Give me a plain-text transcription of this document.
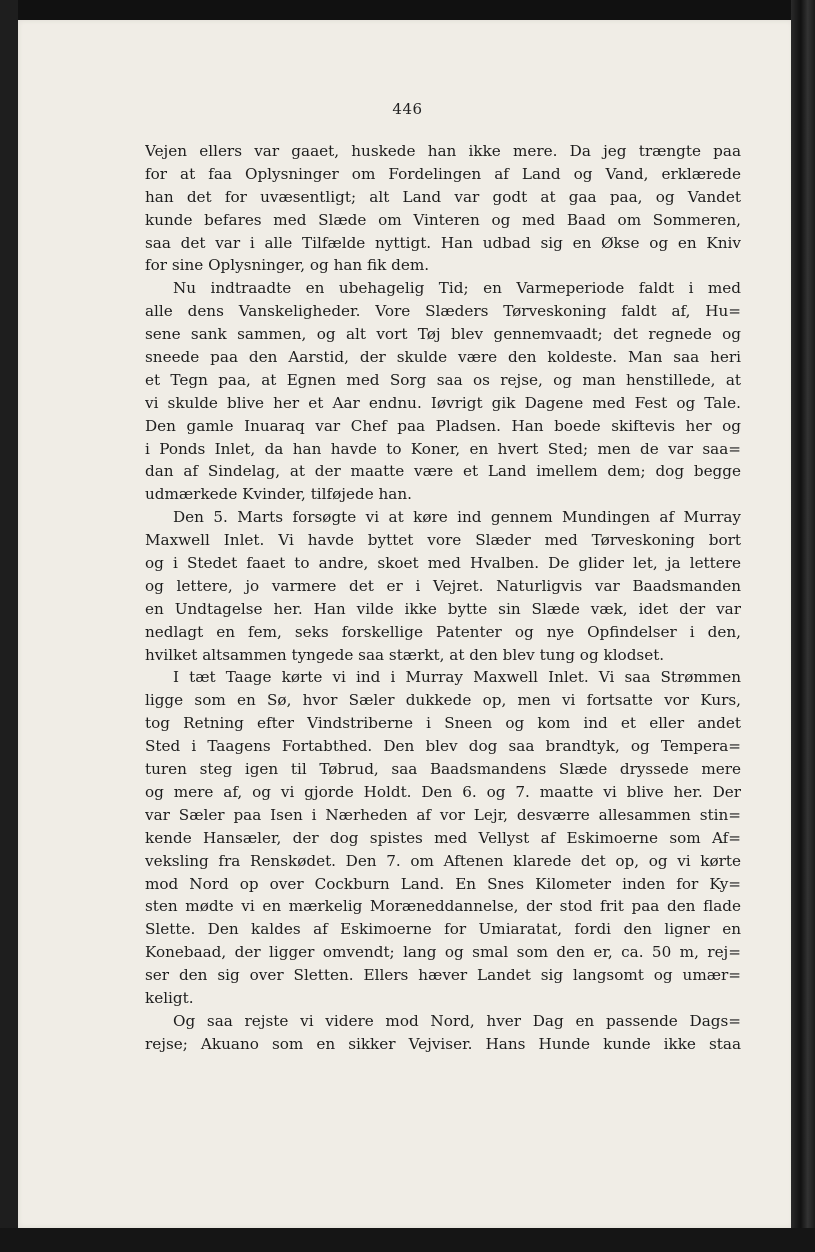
446
Vejen ellers var gaaet, huskede han ikke mere. Da jeg trængte paa
for at faa Oplysninger om Fordelingen af Land og Vand, erklærede
han det for uvæsentligt; alt Land var godt at gaa paa, og Vandet
kunde befares med Slæde om Vinteren og med Baad om Sommeren,
saa det var i alle Tilfælde nyttigt. Han udbad sig en Økse og en Kniv
for sine Oplysninger, og han fik dem.
Nu indtraadte en ubehagelig Tid; en Varmeperiode faldt i med
alle dens Vanskeligheder. Vore Slæders Tørveskoning faldt af, Hu=
sene sank sammen, og alt vort Tøj blev gennemvaadt; det regnede og
sneede paa den Aarstid, der skulde være den koldeste. Man saa heri
et Tegn paa, at Egnen med Sorg saa os rejse, og man henstillede, at
vi skulde blive her et Aar endnu. Iøvrigt gik Dagene med Fest og Tale.
Den gamle Inuaraq var Chef paa Pladsen. Han boede skiftevis her og
i Ponds Inlet, da han havde to Koner, en hvert Sted; men de var saa=
dan af Sindelag, at der maatte være et Land imellem dem; dog begge
udmærkede Kvinder, tilføjede han.
Den 5. Marts forsøgte vi at køre ind gennem Mundingen af Murray
Maxwell Inlet. Vi havde byttet vore Slæder med Tørveskoning bort
og i Stedet faaet to andre, skoet med Hvalben. De glider let, ja lettere
og lettere, jo varmere det er i Vejret. Naturligvis var Baadsmanden
en Undtagelse her. Han vilde ikke bytte sin Slæde væk, idet der var
nedlagt en fem, seks forskellige Patenter og nye Opfindelser i den,
hvilket altsammen tyngede saa stærkt, at den blev tung og klodset.
I tæt Taage kørte vi ind i Murray Maxwell Inlet. Vi saa Strømmen
ligge som en Sø, hvor Sæler dukkede op, men vi fortsatte vor Kurs,
tog Retning efter Vindstriberne i Sneen og kom ind et eller andet
Sted i Taagens Fortabthed. Den blev dog saa brandtyk, og Tempera=
turen steg igen til Tøbrud, saa Baadsmandens Slæde dryssede mere
og mere af, og vi gjorde Holdt. Den 6. og 7. maatte vi blive her. Der
var Sæler paa Isen i Nærheden af vor Lejr, desværre allesammen stin=
kende Hansæler, der dog spistes med Vellyst af Eskimoerne som Af=
veksling fra Renskødet. Den 7. om Aftenen klarede det op, og vi kørte
mod Nord op over Cockburn Land. En Snes Kilometer inden for Ky=
sten mødte vi en mærkelig Moræneddannelse, der stod frit paa den flade
Slette. Den kaldes af Eskimoerne for Umiaratat, fordi den ligner en
Konebaad, der ligger omvendt; lang og smal som den er, ca. 50 m, rej=
ser den sig over Sletten. Ellers hæver Landet sig langsomt og umær=
keligt.
Og saa rejste vi videre mod Nord, hver Dag en passende Dags=
rejse; Akuano som en sikker Vejviser. Hans Hunde kunde ikke staa
